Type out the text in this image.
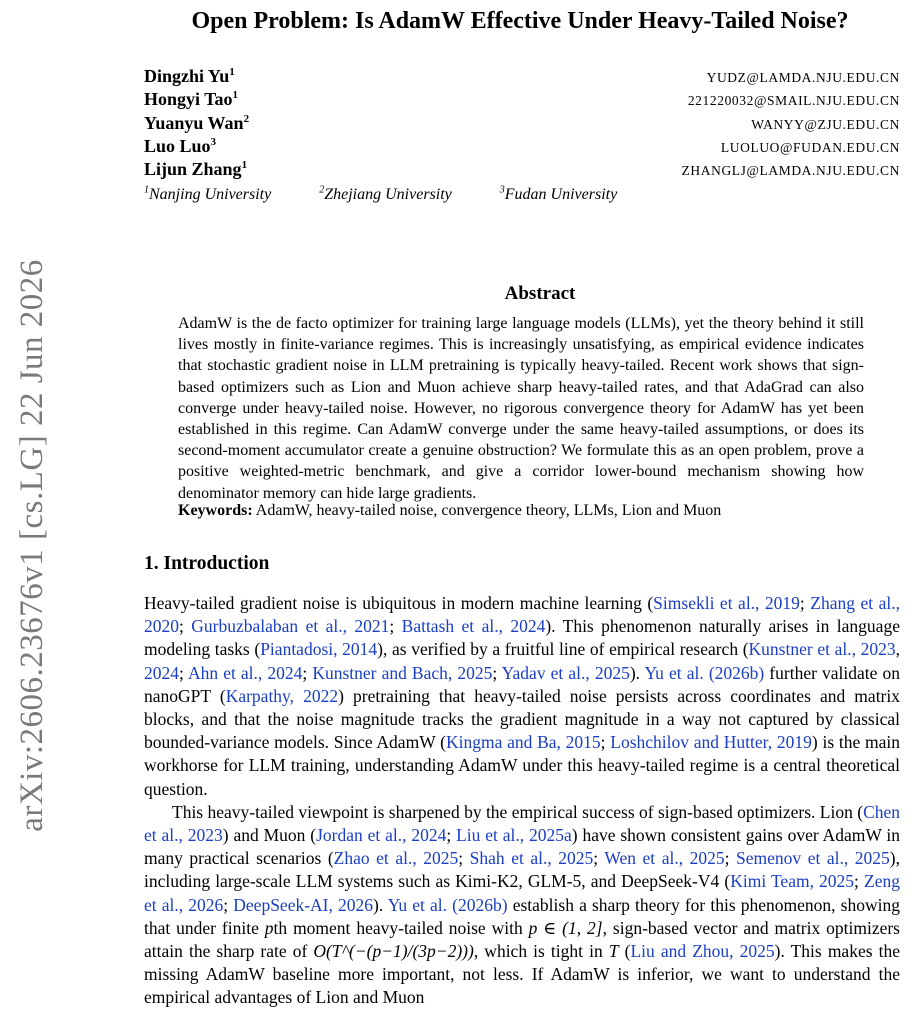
arXiv:2606.23676v1 [cs.LG] 22 Jun 2026
Open Problem: Is AdamW Effective Under Heavy-Tailed Noise?
Dingzhi Yu$^1$	YUDZ@LAMDA.NJU.EDU.CN
Hongyi Tao$^1$	221220032@SMAIL.NJU.EDU.CN
Yuanyu Wan$^2$	WANYY@ZJU.EDU.CN
Luo Luo$^3$	LUOLUO@FUDAN.EDU.CN
Lijun Zhang$^1$	ZHANGLJ@LAMDA.NJU.EDU.CN
$^1$Nanjing University	$^2$Zhejiang University	$^3$Fudan University
Abstract
AdamW is the de facto optimizer for training large language models (LLMs), yet the theory behind it still lives mostly in finite-variance regimes. This is increasingly unsatisfying, as empirical evidence indicates that stochastic gradient noise in LLM pretraining is typically heavy-tailed. Recent work shows that sign-based optimizers such as Lion and Muon achieve sharp heavy-tailed rates, and that AdaGrad can also converge under heavy-tailed noise. However, no rigorous convergence theory for AdamW has yet been established in this regime. Can AdamW converge under the same heavy-tailed assumptions, or does its second-moment accumulator create a genuine obstruction? We formulate this as an open problem, prove a positive weighted-metric benchmark, and give a corridor lower-bound mechanism showing how denominator memory can hide large gradients.
Keywords: AdamW, heavy-tailed noise, convergence theory, LLMs, Lion and Muon
1. Introduction

Heavy-tailed gradient noise is ubiquitous in modern machine learning (Simsekli et al., 2019; Zhang et al., 2020; Gurbuzbalaban et al., 2021; Battash et al., 2024). This phenomenon naturally arises in language modeling tasks (Piantadosi, 2014), as verified by a fruitful line of empirical research (Kunstner et al., 2023, 2024; Ahn et al., 2024; Kunstner and Bach, 2025; Yadav et al., 2025). Yu et al. (2026b) further validate on nanoGPT (Karpathy, 2022) pretraining that heavy-tailed noise persists across coordinates and matrix blocks, and that the noise magnitude tracks the gradient magnitude in a way not captured by classical bounded-variance models. Since AdamW (Kingma and Ba, 2015; Loshchilov and Hutter, 2019) is the main workhorse for LLM training, understanding AdamW under this heavy-tailed regime is a central theoretical question.

This heavy-tailed viewpoint is sharpened by the empirical success of sign-based optimizers. Lion (Chen et al., 2023) and Muon (Jordan et al., 2024; Liu et al., 2025a) have shown consistent gains over AdamW in many practical scenarios (Zhao et al., 2025; Shah et al., 2025; Wen et al., 2025; Semenov et al., 2025), including large-scale LLM systems such as Kimi-K2, GLM-5, and DeepSeek-V4 (Kimi Team, 2025; Zeng et al., 2026; DeepSeek-AI, 2026). Yu et al. (2026b) establish a sharp theory for this phenomenon, showing that under finite pth moment heavy-tailed noise with p ∈ (1, 2], sign-based vector and matrix optimizers attain the sharp rate of O(T^(−(p−1)/(3p−2))), which is tight in T (Liu and Zhou, 2025). This makes the missing AdamW baseline more important, not less. If AdamW is inferior, we want to understand the empirical advantages of Lion and Muon
